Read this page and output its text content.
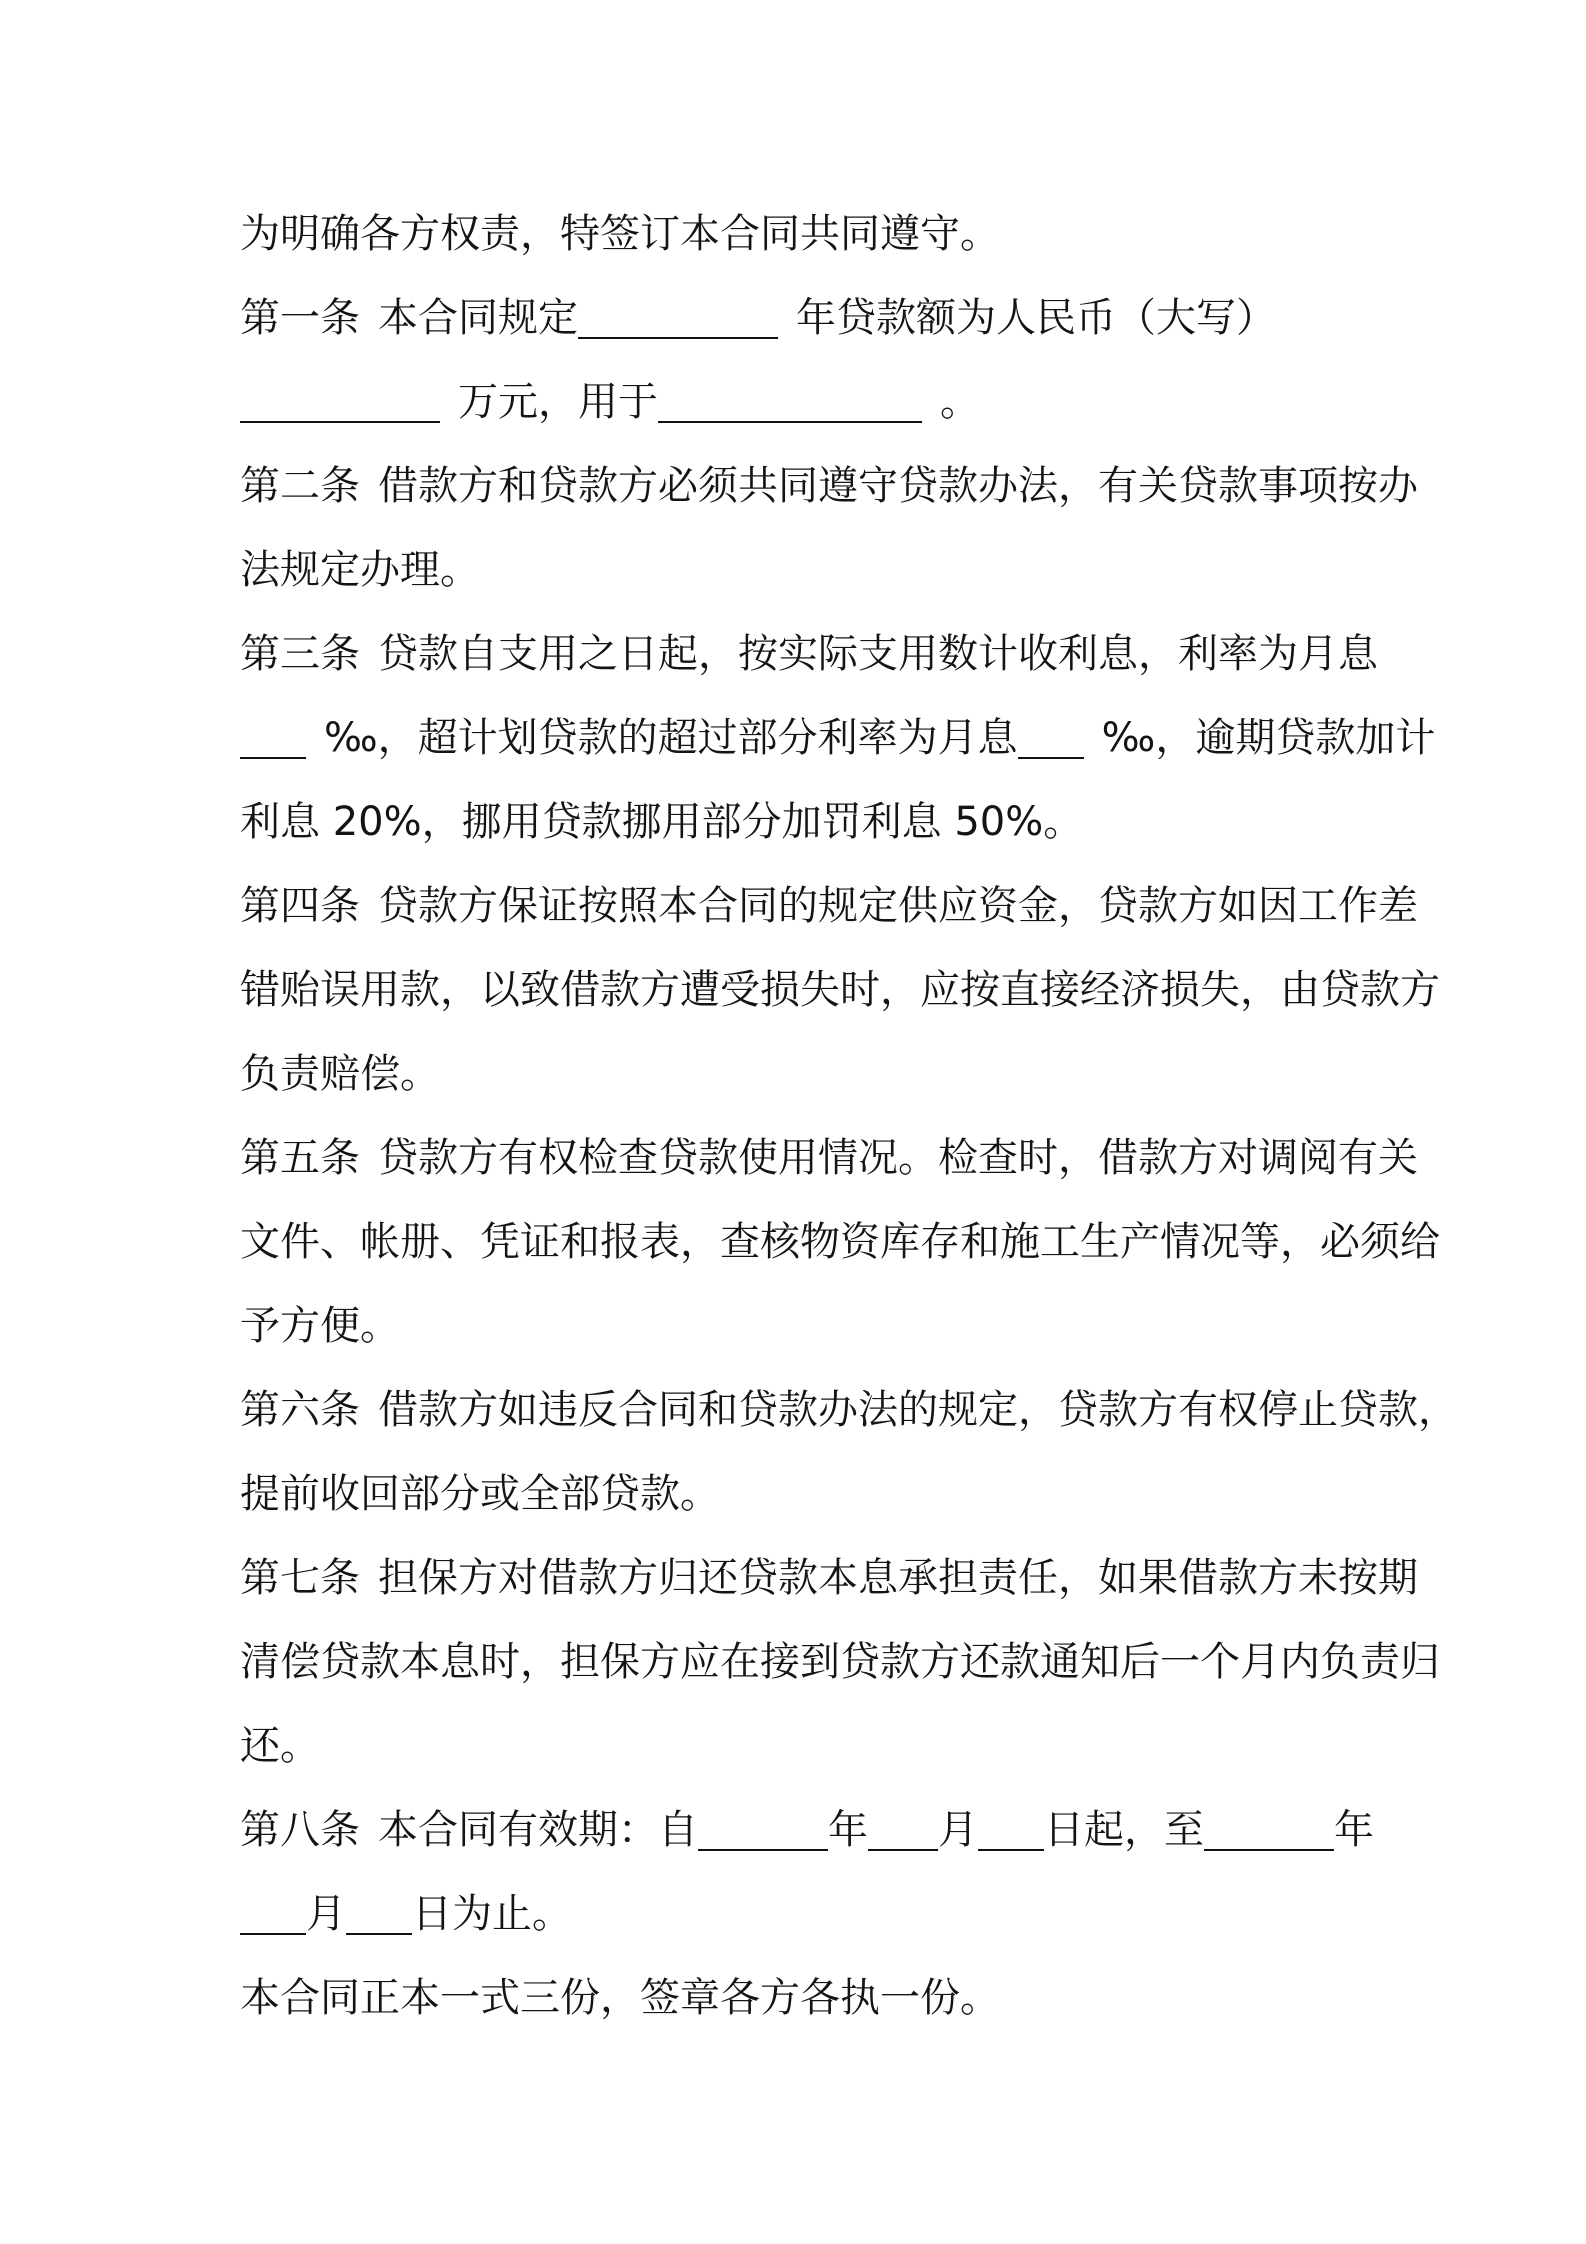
为明确各方权责，特签订本合同共同遵守。
第一条 本合同规定	年贷款额为人民币（大写）
万元，用于	。
第二条 借款方和贷款方必须共同遵守贷款办法，有关贷款事项按办
法规定办理。
第三条 贷款自支用之日起，按实际支用数计收利息，利率为月息
‰，超计划贷款的超过部分利率为月息 ‰，逾期贷款加计
利息 20%，挪用贷款挪用部分加罚利息 50%。
第四条 贷款方保证按照本合同的规定供应资金，贷款方如因工作差
错贻误用款，以致借款方遭受损失时，应按直接经济损失，由贷款方
负责赔偿。
第五条 贷款方有权检查贷款使用情况。检查时，借款方对调阅有关
文件、帐册、凭证和报表，查核物资库存和施工生产情况等，必须给
予方便。
第六条 借款方如违反合同和贷款办法的规定，贷款方有权停止贷款，
提前收回部分或全部贷款。
第七条 担保方对借款方归还贷款本息承担责任，如果借款方未按期
清偿贷款本息时，担保方应在接到贷款方还款通知后一个月内负责归
还。
第八条 本合同有效期：自	年 月 日起，至	年
月 日为止。
本合同正本一式三份，签章各方各执一份。
